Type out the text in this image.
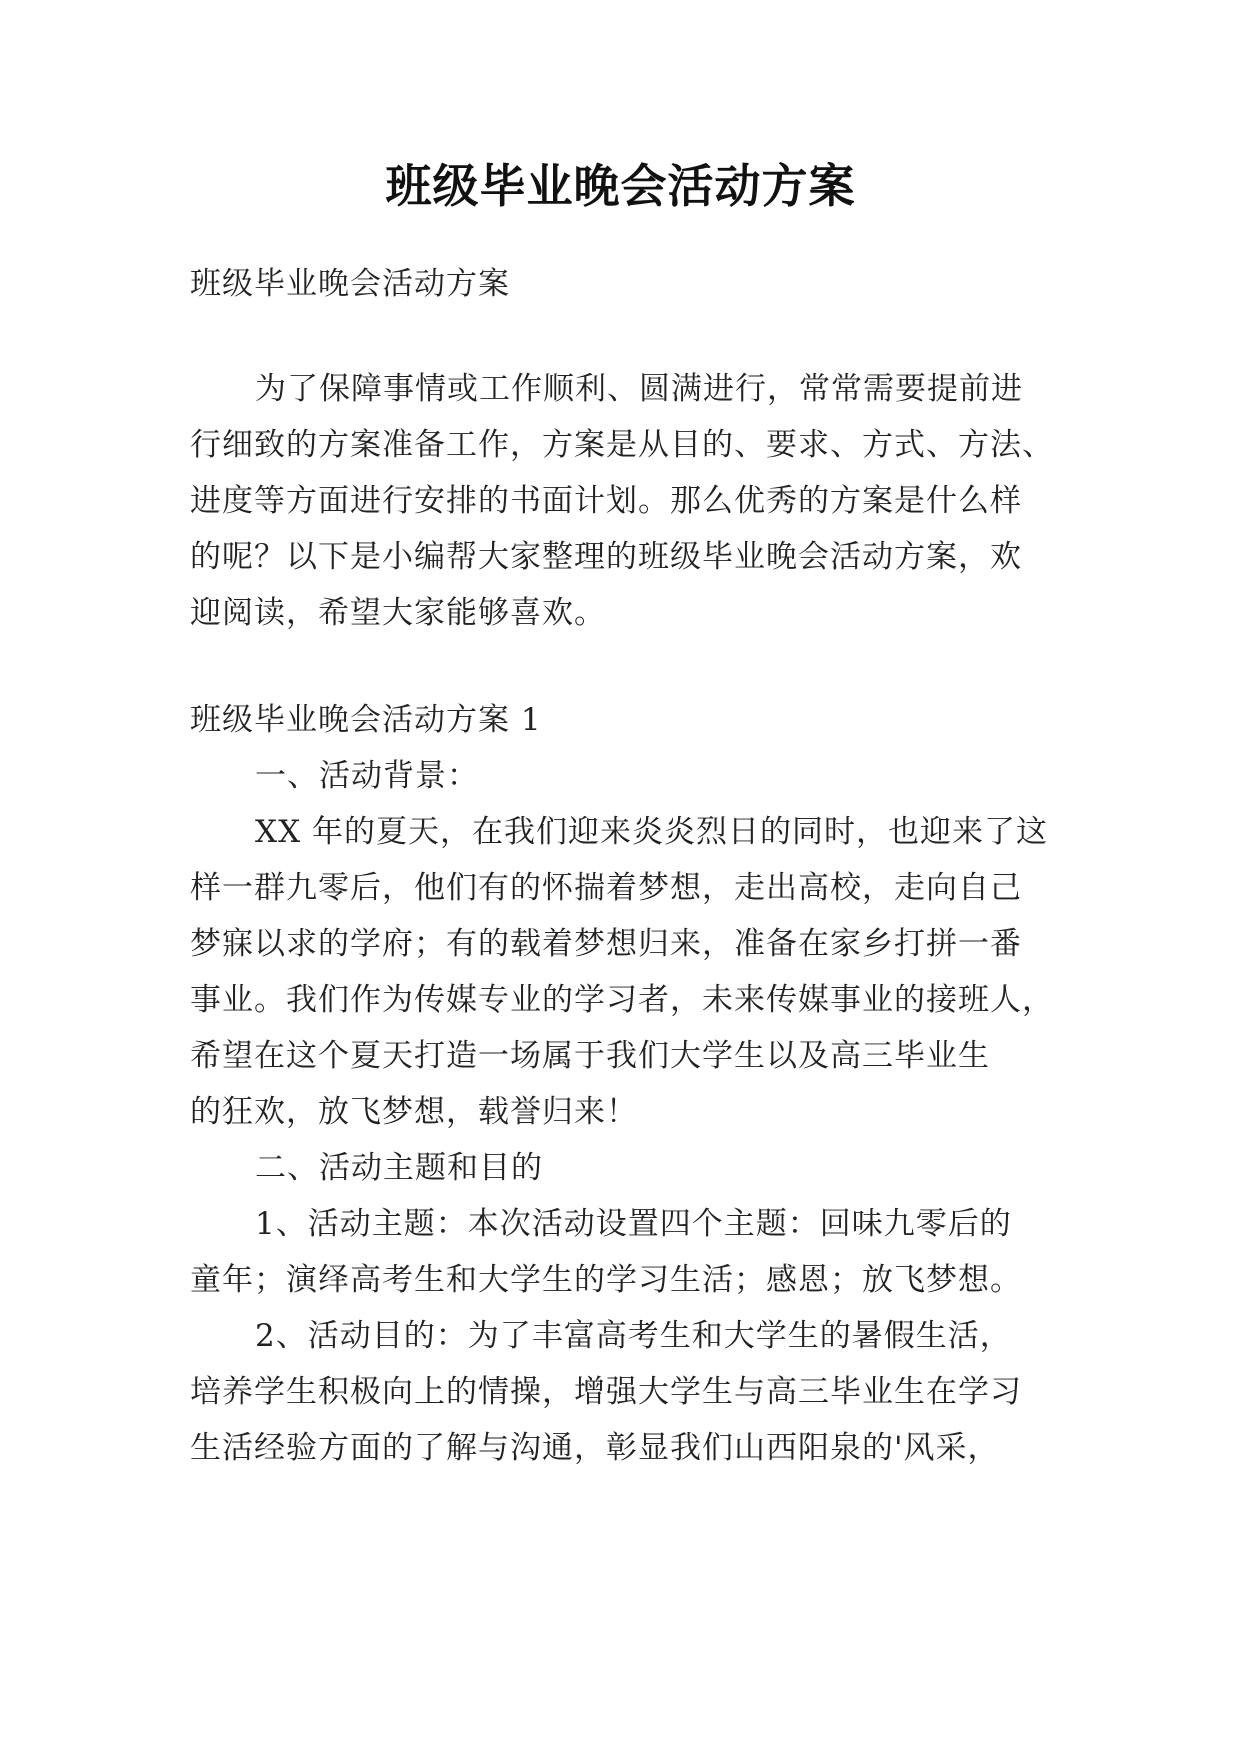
班级毕业晚会活动方案
班级毕业晚会活动方案
为了保障事情或工作顺利、圆满进行，常常需要提前进
行细致的方案准备工作，方案是从目的、要求、方式、方法、
进度等方面进行安排的书面计划。那么优秀的方案是什么样
的呢？以下是小编帮大家整理的班级毕业晚会活动方案，欢
迎阅读，希望大家能够喜欢。
班级毕业晚会活动方案 1
一、活动背景：
XX 年的夏天，在我们迎来炎炎烈日的同时，也迎来了这
样一群九零后，他们有的怀揣着梦想，走出高校，走向自己
梦寐以求的学府；有的载着梦想归来，准备在家乡打拼一番
事业。我们作为传媒专业的学习者，未来传媒事业的接班人，
希望在这个夏天打造一场属于我们大学生以及高三毕业生
的狂欢，放飞梦想，载誉归来！
二、活动主题和目的
1、活动主题：本次活动设置四个主题：回味九零后的
童年；演绎高考生和大学生的学习生活；感恩；放飞梦想。
2、活动目的：为了丰富高考生和大学生的暑假生活，
培养学生积极向上的情操，增强大学生与高三毕业生在学习
生活经验方面的了解与沟通，彰显我们山西阳泉的'风采，
